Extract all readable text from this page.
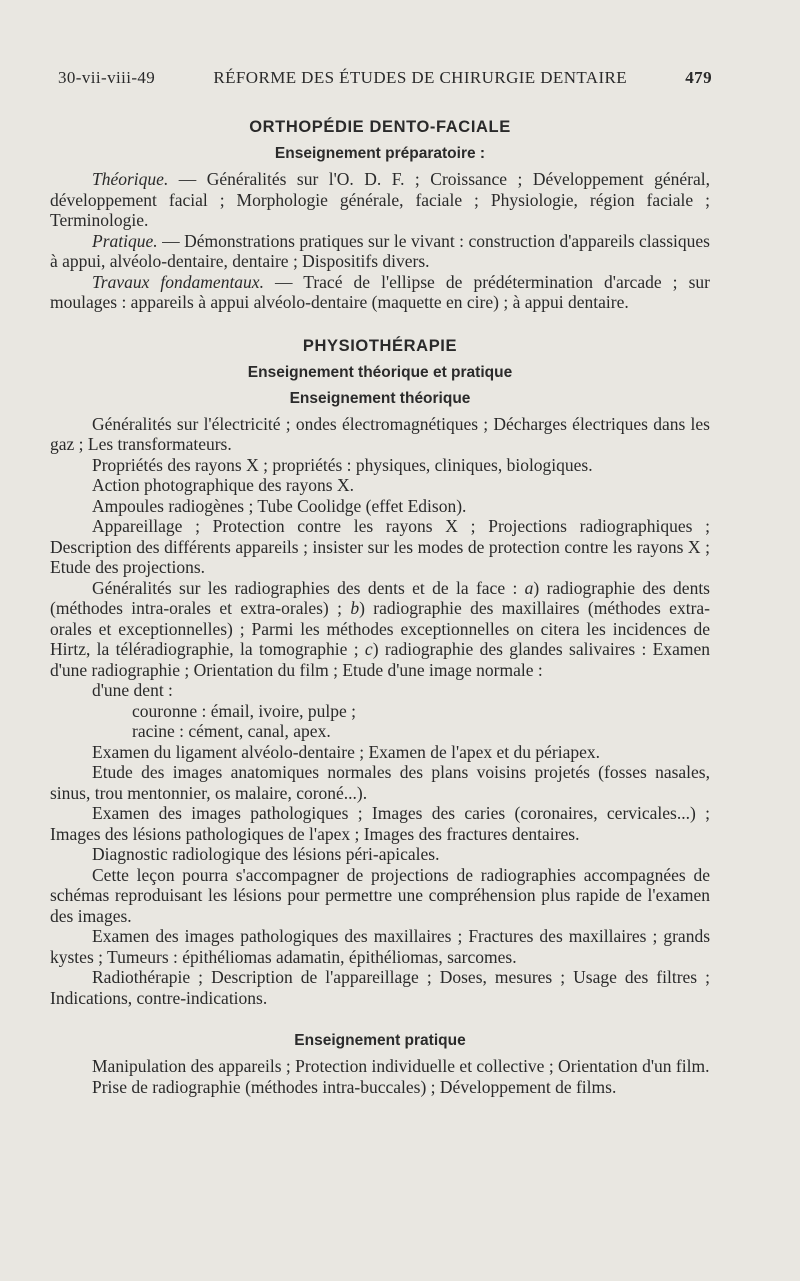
30-vii-viii-49	RÉFORME DES ÉTUDES DE CHIRURGIE DENTAIRE	479
ORTHOPÉDIE DENTO-FACIALE
Enseignement préparatoire :

Théorique. — Généralités sur l'O. D. F. ; Croissance ; Développement général, développement facial ; Morphologie générale, faciale ; Physiologie, région faciale ; Terminologie.

Pratique. — Démonstrations pratiques sur le vivant : construction d'appareils classiques à appui, alvéolo-dentaire, dentaire ; Dispositifs divers.

Travaux fondamentaux. — Tracé de l'ellipse de prédétermination d'arcade ; sur moulages : appareils à appui alvéolo-dentaire (maquette en cire) ; à appui dentaire.

PHYSIOTHÉRAPIE
Enseignement théorique et pratique
Enseignement théorique

Généralités sur l'électricité ; ondes électromagnétiques ; Décharges électriques dans les gaz ; Les transformateurs.

Propriétés des rayons X ; propriétés : physiques, cliniques, biologiques.

Action photographique des rayons X.

Ampoules radiogènes ; Tube Coolidge (effet Edison).

Appareillage ; Protection contre les rayons X ; Projections radiographiques ; Description des différents appareils ; insister sur les modes de protection contre les rayons X ; Etude des projections.

Généralités sur les radiographies des dents et de la face : a) radiographie des dents (méthodes intra-orales et extra-orales) ; b) radiographie des maxillaires (méthodes extra-orales et exceptionnelles) ; Parmi les méthodes exceptionnelles on citera les incidences de Hirtz, la téléradiographie, la tomographie ; c) radiographie des glandes salivaires : Examen d'une radiographie ; Orientation du film ; Etude d'une image normale :

d'une dent :
couronne : émail, ivoire, pulpe ;
racine : cément, canal, apex.

Examen du ligament alvéolo-dentaire ; Examen de l'apex et du périapex.

Etude des images anatomiques normales des plans voisins projetés (fosses nasales, sinus, trou mentonnier, os malaire, coroné...).

Examen des images pathologiques ; Images des caries (coronaires, cervicales...) ; Images des lésions pathologiques de l'apex ; Images des fractures dentaires.

Diagnostic radiologique des lésions péri-apicales.

Cette leçon pourra s'accompagner de projections de radiographies accompagnées de schémas reproduisant les lésions pour permettre une compréhension plus rapide de l'examen des images.

Examen des images pathologiques des maxillaires ; Fractures des maxillaires ; grands kystes ; Tumeurs : épithéliomas adamatin, épithéliomas, sarcomes.

Radiothérapie ; Description de l'appareillage ; Doses, mesures ; Usage des filtres ; Indications, contre-indications.

Enseignement pratique

Manipulation des appareils ; Protection individuelle et collective ; Orientation d'un film.

Prise de radiographie (méthodes intra-buccales) ; Développement de films.
